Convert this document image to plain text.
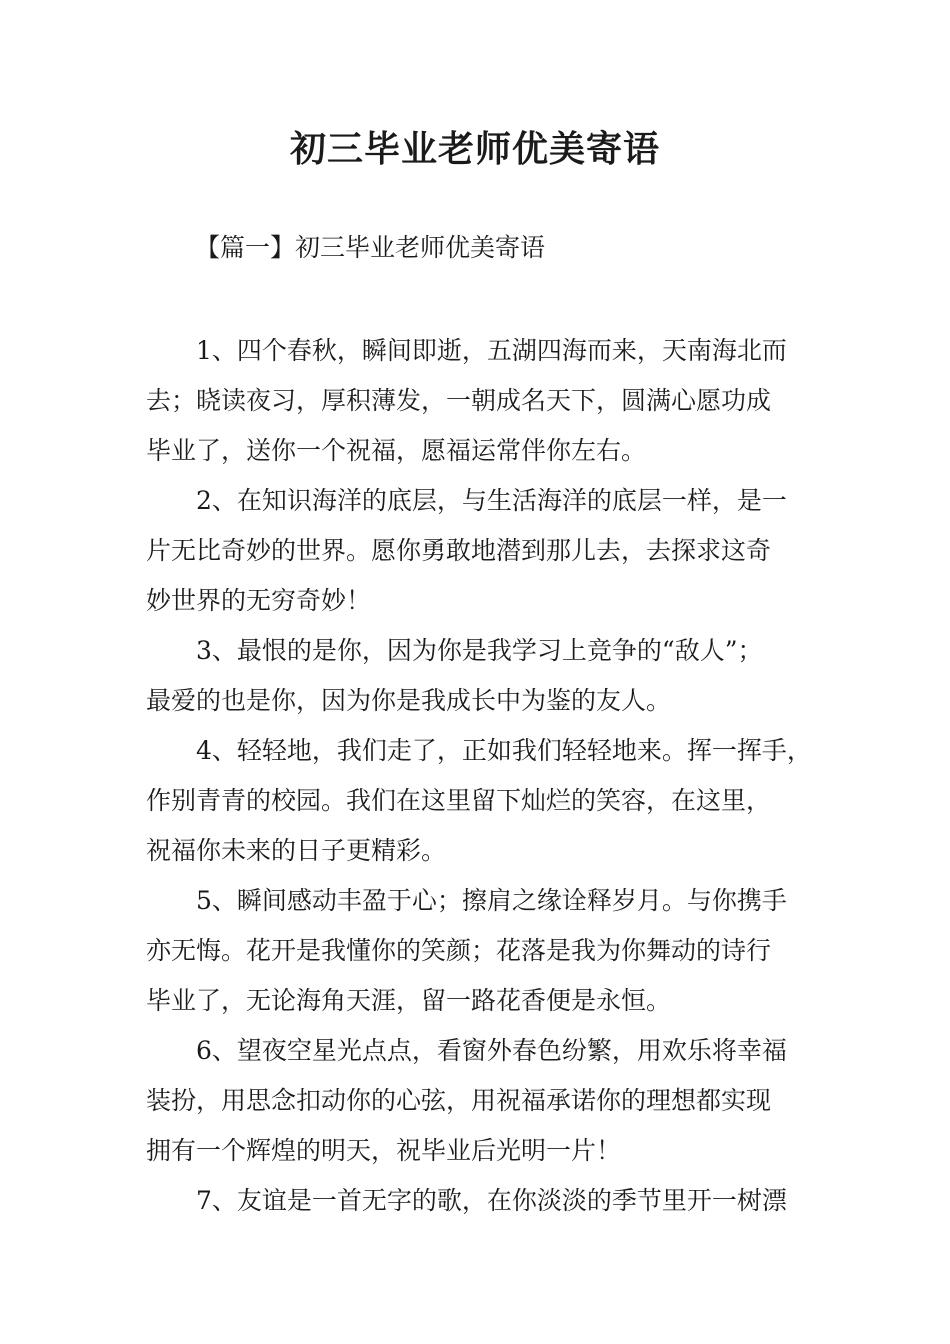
初三毕业老师优美寄语
【篇一】初三毕业老师优美寄语
1、四个春秋，瞬间即逝，五湖四海而来，天南海北而
去；晓读夜习，厚积薄发，一朝成名天下，圆满心愿功成
毕业了，送你一个祝福，愿福运常伴你左右。
2、在知识海洋的底层，与生活海洋的底层一样，是一
片无比奇妙的世界。愿你勇敢地潜到那儿去，去探求这奇
妙世界的无穷奇妙！
3、最恨的是你，因为你是我学习上竞争的“敌人”；
最爱的也是你，因为你是我成长中为鉴的友人。
4、轻轻地，我们走了，正如我们轻轻地来。挥一挥手，
作别青青的校园。我们在这里留下灿烂的笑容，在这里，
祝福你未来的日子更精彩。
5、瞬间感动丰盈于心；擦肩之缘诠释岁月。与你携手
亦无悔。花开是我懂你的笑颜；花落是我为你舞动的诗行
毕业了，无论海角天涯，留一路花香便是永恒。
6、望夜空星光点点，看窗外春色纷繁，用欢乐将幸福
装扮，用思念扣动你的心弦，用祝福承诺你的理想都实现
拥有一个辉煌的明天，祝毕业后光明一片！
7、友谊是一首无字的歌，在你淡淡的季节里开一树漂
